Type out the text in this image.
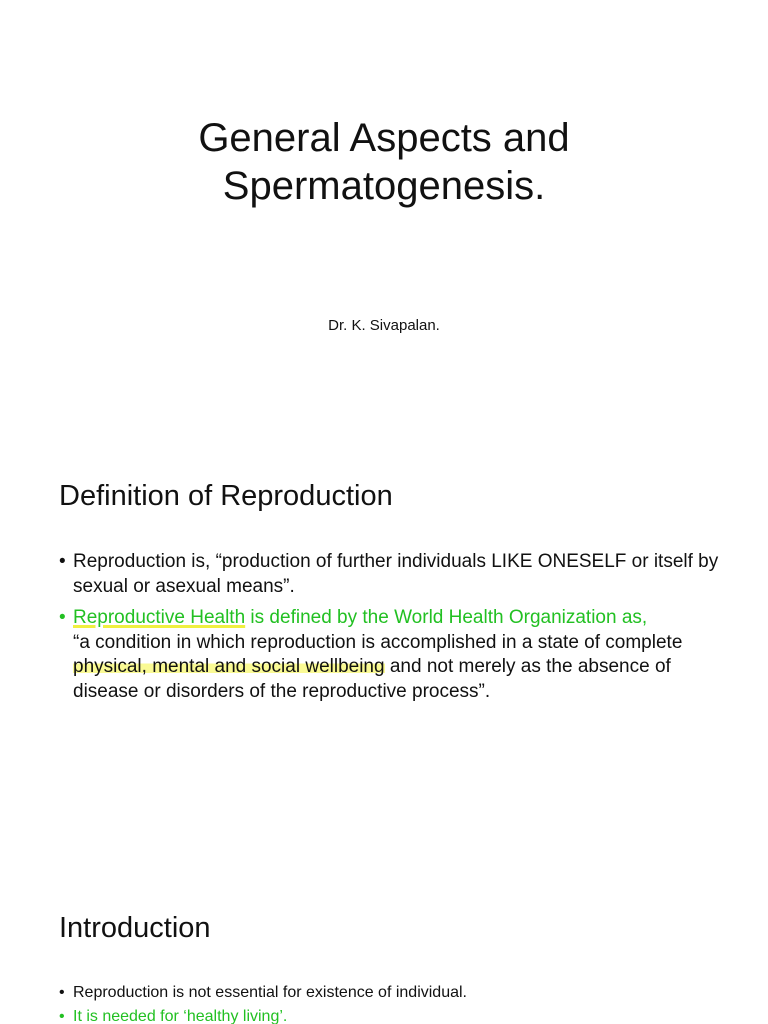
General Aspects and
Spermatogenesis.
Dr. K. Sivapalan.
Definition of Reproduction
• Reproduction is, “production of further individuals LIKE ONESELF or itself by sexual or asexual means”.
• Reproductive Health is defined by the World Health Organization as,
“a condition in which reproduction is accomplished in a state of complete physical, mental and social wellbeing and not merely as the absence of disease or disorders of the reproductive process”.
Introduction
• Reproduction is not essential for existence of individual.
• It is needed for ‘healthy living’.
